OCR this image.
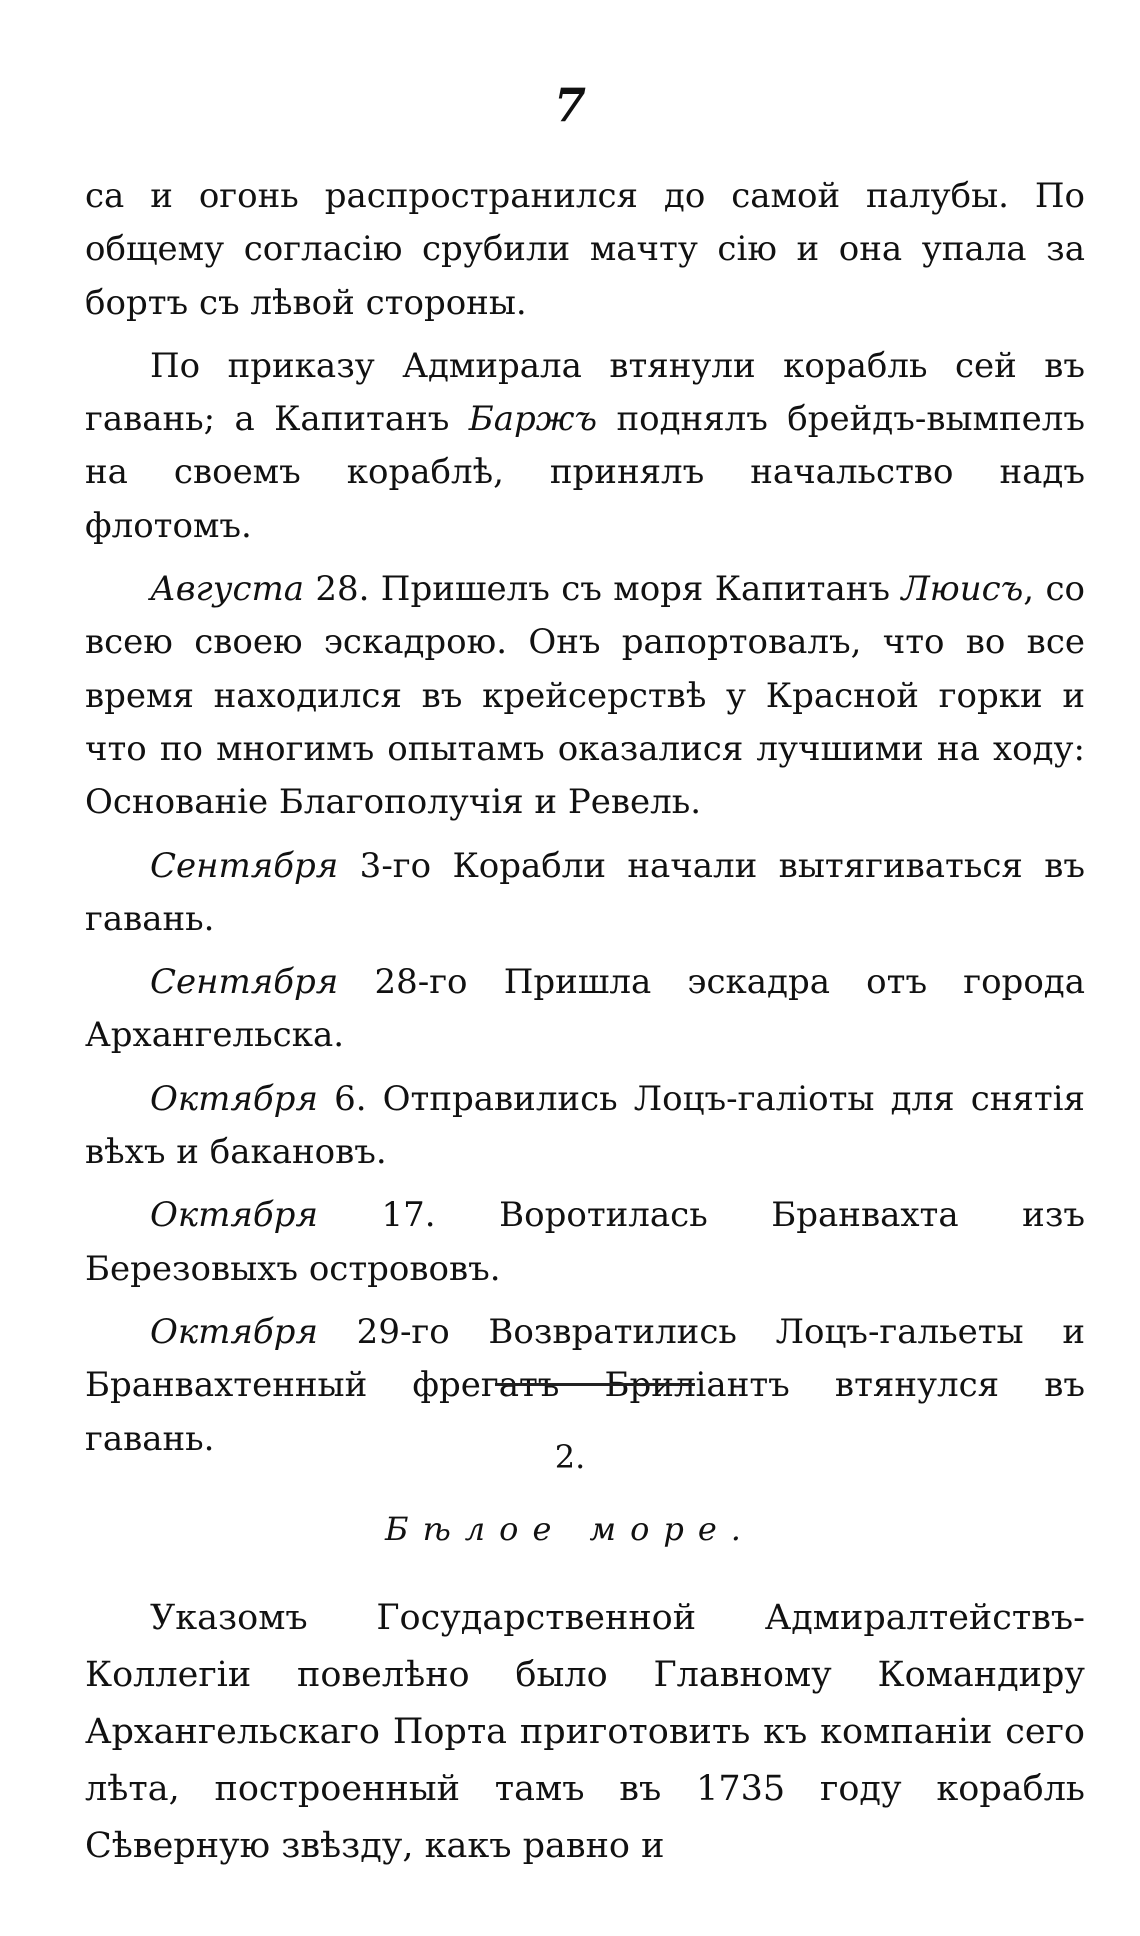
7

са и огонь распространился до самой палубы. По общему согласію срубили мачту сію и она упала за бортъ съ лѣвой стороны.

По приказу Адмирала втянули корабль сей въ гавань; а Капитанъ Баржъ поднялъ брейдъ-вымпелъ на своемъ кораблѣ, принялъ начальство надъ флотомъ.

Августа 28. Пришелъ съ моря Капитанъ Люисъ, со всею своею эскадрою. Онъ рапортовалъ, что во все время находился въ крейсерствѣ у Красной горки и что по многимъ опытамъ оказалися лучшими на ходу: Основаніе Благополучія и Ревель.

Сентября 3-го Корабли начали вытягиваться въ гавань.

Сентября 28-го Пришла эскадра отъ города Архангельска.

Октября 6. Отправились Лоцъ-галіоты для снятія вѣхъ и бакановъ.

Октября 17. Воротилась Бранвахта изъ Березовыхъ острововъ.

Октября 29-го Возвратились Лоцъ-гальеты и Бранвахтенный фрегатъ Бриліантъ втянулся въ гавань.	2.
Бѣлое море.

Указомъ Государственной Адмиралтействъ-Коллегіи повелѣно было Главному Командиру Архангельскаго Порта приготовить къ компаніи сего лѣта, построенный тамъ въ 1735 году корабль Сѣверную звѣзду, какъ равно и
